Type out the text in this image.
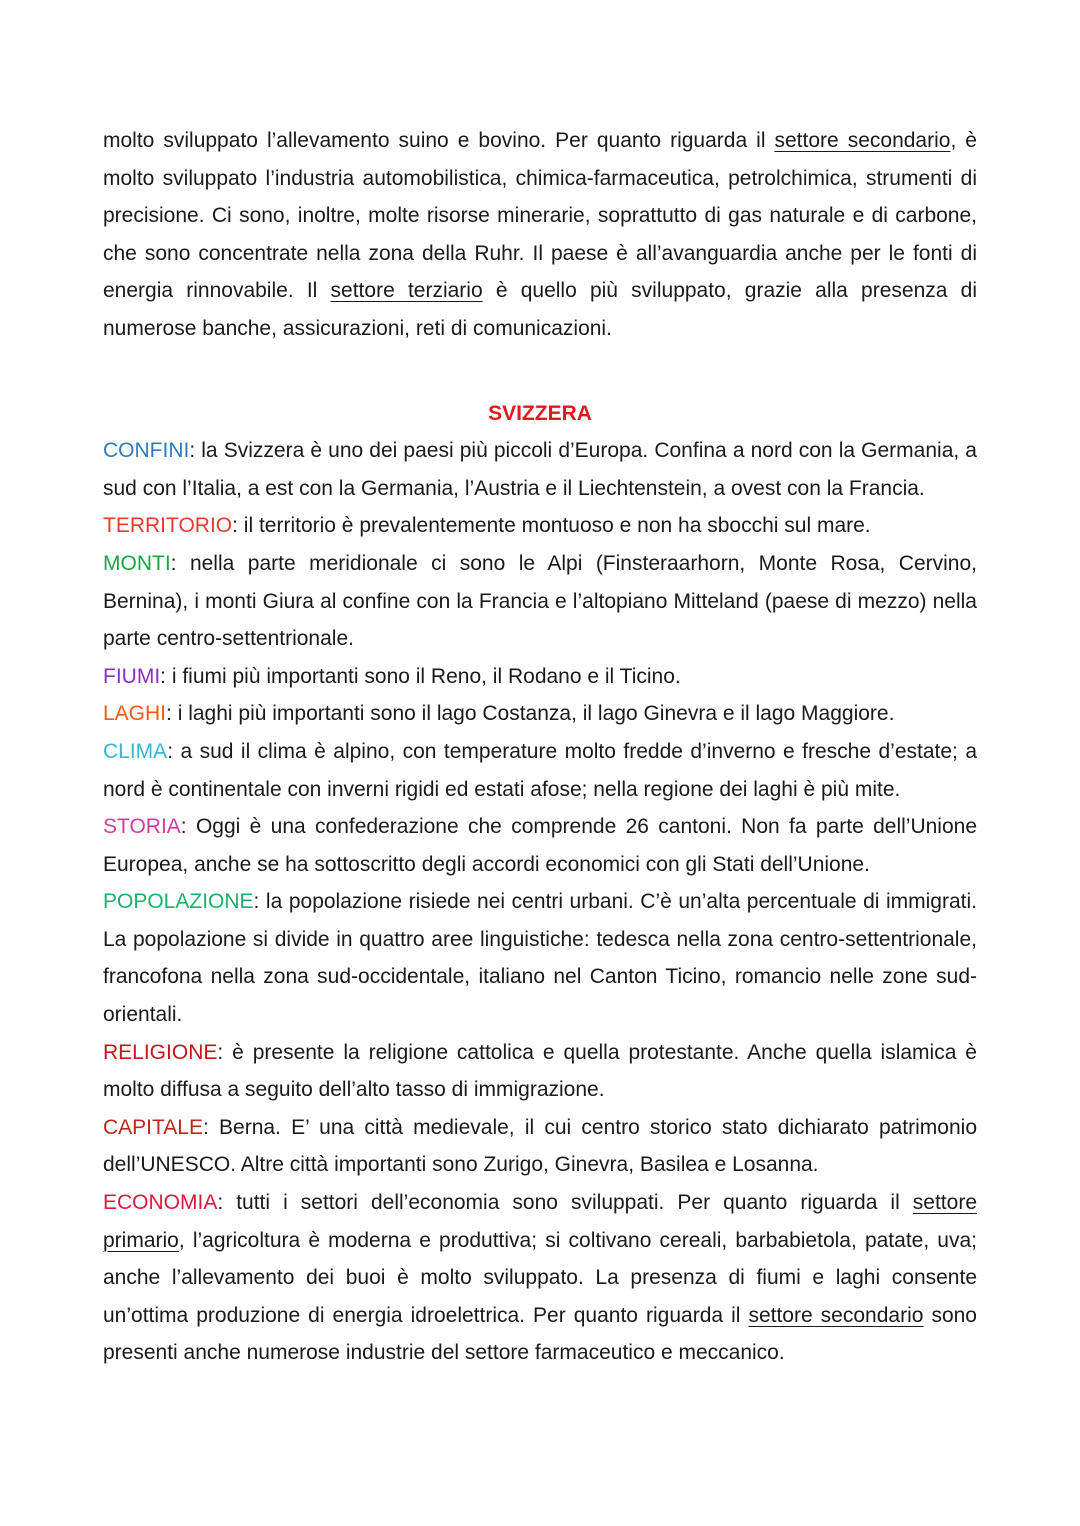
molto sviluppato l’allevamento suino e bovino. Per quanto riguarda il settore secondario, è molto sviluppato l’industria automobilistica, chimica-farmaceutica, petrolchimica, strumenti di precisione. Ci sono, inoltre, molte risorse minerarie, soprattutto di gas naturale e di carbone, che sono concentrate nella zona della Ruhr. Il paese è all’avanguardia anche per le fonti di energia rinnovabile. Il settore terziario è quello più sviluppato, grazie alla presenza di numerose banche, assicurazioni, reti di comunicazioni.

SVIZZERA

CONFINI: la Svizzera è uno dei paesi più piccoli d’Europa. Confina a nord con la Germania, a sud con l’Italia, a est con la Germania, l’Austria e il Liechtenstein, a ovest con la Francia.

TERRITORIO: il territorio è prevalentemente montuoso e non ha sbocchi sul mare.

MONTI: nella parte meridionale ci sono le Alpi (Finsteraarhorn, Monte Rosa, Cervino, Bernina), i monti Giura al confine con la Francia e l’altopiano Mitteland (paese di mezzo) nella parte centro-settentrionale.

FIUMI: i fiumi più importanti sono il Reno, il Rodano e il Ticino.

LAGHI: i laghi più importanti sono il lago Costanza, il lago Ginevra e il lago Maggiore.

CLIMA: a sud il clima è alpino, con temperature molto fredde d’inverno e fresche d’estate; a nord è continentale con inverni rigidi ed estati afose; nella regione dei laghi è più mite.

STORIA: Oggi è una confederazione che comprende 26 cantoni. Non fa parte dell’Unione Europea, anche se ha sottoscritto degli accordi economici con gli Stati dell’Unione.

POPOLAZIONE: la popolazione risiede nei centri urbani. C’è un’alta percentuale di immigrati. La popolazione si divide in quattro aree linguistiche: tedesca nella zona centro-settentrionale, francofona nella zona sud-occidentale, italiano nel Canton Ticino, romancio nelle zone sud-orientali.

RELIGIONE: è presente la religione cattolica e quella protestante. Anche quella islamica è molto diffusa a seguito dell’alto tasso di immigrazione.

CAPITALE: Berna. E’ una città medievale, il cui centro storico stato dichiarato patrimonio dell’UNESCO. Altre città importanti sono Zurigo, Ginevra, Basilea e Losanna.

ECONOMIA: tutti i settori dell’economia sono sviluppati. Per quanto riguarda il settore primario, l’agricoltura è moderna e produttiva; si coltivano cereali, barbabietola, patate, uva; anche l’allevamento dei buoi è molto sviluppato. La presenza di fiumi e laghi consente un’ottima produzione di energia idroelettrica. Per quanto riguarda il settore secondario sono presenti anche numerose industrie del settore farmaceutico e meccanico.
